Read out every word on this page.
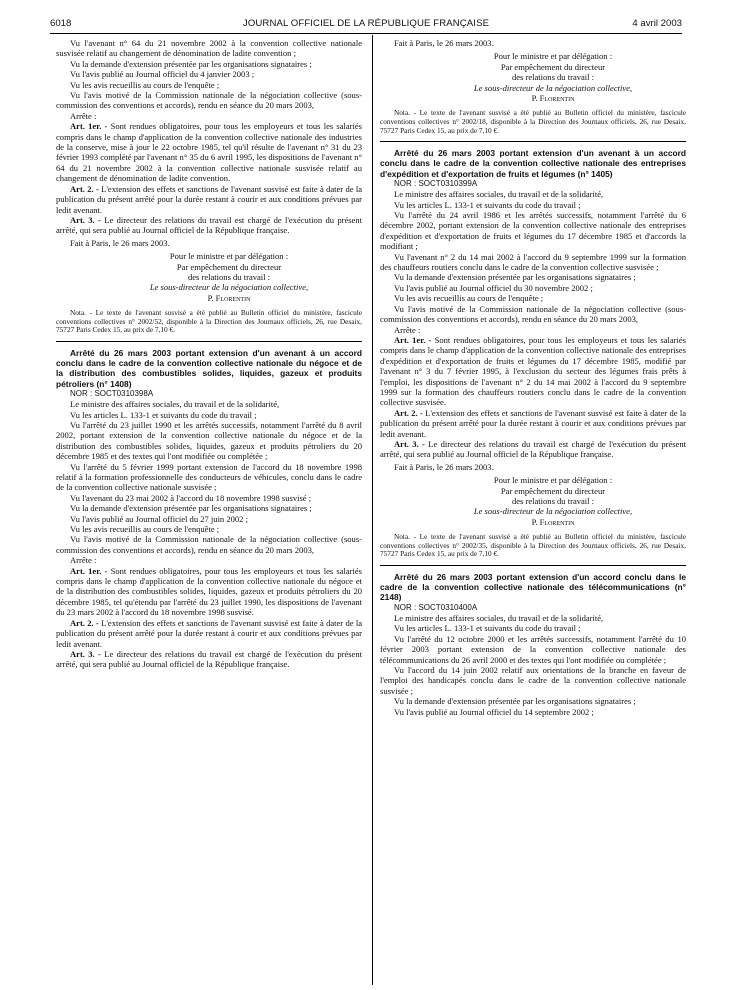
6018	JOURNAL OFFICIEL DE LA RÉPUBLIQUE FRANÇAISE	4 avril 2003

Vu l'avenant n° 64 du 21 novembre 2002 à la convention collective nationale susvisée relatif au changement de dénomination de ladite convention ;

Vu la demande d'extension présentée par les organisations signataires ;

Vu l'avis publié au Journal officiel du 4 janvier 2003 ;

Vu les avis recueillis au cours de l'enquête ;

Vu l'avis motivé de la Commission nationale de la négociation collective (sous-commission des conventions et accords), rendu en séance du 20 mars 2003,

Arrête :

Art. 1er. - Sont rendues obligatoires, pour tous les employeurs et tous les salariés compris dans le champ d'application de la convention collective nationale des industries de la conserve, mise à jour le 22 octobre 1985, tel qu'il résulte de l'avenant n° 31 du 23 février 1993 complété par l'avenant n° 35 du 6 avril 1995, les dispositions de l'avenant n° 64 du 21 novembre 2002 à la convention collective nationale susvisée relatif au changement de dénomination de ladite convention.

Art. 2. - L'extension des effets et sanctions de l'avenant susvisé est faite à dater de la publication du présent arrêté pour la durée restant à courir et aux conditions prévues par ledit avenant.

Art. 3. - Le directeur des relations du travail est chargé de l'exécution du présent arrêté, qui sera publié au Journal officiel de la République française.

Fait à Paris, le 26 mars 2003.

Pour le ministre et par délégation :

Par empêchement du directeur

des relations du travail :

Le sous-directeur de la négociation collective,

P. Florentin

Nota. - Le texte de l'avenant susvisé a été publié au Bulletin officiel du ministère, fascicule conventions collectives n° 2002/52, disponible à la Direction des Journaux officiels, 26, rue Desaix, 75727 Paris Cedex 15, au prix de 7,10 €.

Arrêté du 26 mars 2003 portant extension d'un avenant à un accord conclu dans le cadre de la convention collective nationale du négoce et de la distribution des combustibles solides, liquides, gazeux et produits pétroliers (n° 1408)

NOR : SOCT0310398A

Le ministre des affaires sociales, du travail et de la solidarité,

Vu les articles L. 133-1 et suivants du code du travail ;

Vu l'arrêté du 23 juillet 1990 et les arrêtés successifs, notamment l'arrêté du 8 avril 2002, portant extension de la convention collective nationale du négoce et de la distribution des combustibles solides, liquides, gazeux et produits pétroliers du 20 décembre 1985 et des textes qui l'ont modifiée ou complétée ;

Vu l'arrêté du 5 février 1999 portant extension de l'accord du 18 novembre 1998 relatif à la formation professionnelle des conducteurs de véhicules, conclu dans le cadre de la convention collective nationale susvisée ;

Vu l'avenant du 23 mai 2002 à l'accord du 18 novembre 1998 susvisé ;

Vu la demande d'extension présentée par les organisations signataires ;

Vu l'avis publié au Journal officiel du 27 juin 2002 ;

Vu les avis recueillis au cours de l'enquête ;

Vu l'avis motivé de la Commission nationale de la négociation collective (sous-commission des conventions et accords), rendu en séance du 20 mars 2003,

Arrête :

Art. 1er. - Sont rendues obligatoires, pour tous les employeurs et tous les salariés compris dans le champ d'application de la convention collective nationale du négoce et de la distribution des combustibles solides, liquides, gazeux et produits pétroliers du 20 décembre 1985, tel qu'étendu par l'arrêté du 23 juillet 1990, les dispositions de l'avenant du 23 mars 2002 à l'accord du 18 novembre 1998 susvisé.

Art. 2. - L'extension des effets et sanctions de l'avenant susvisé est faite à dater de la publication du présent arrêté pour la durée restant à courir et aux conditions prévues par ledit avenant.

Art. 3. - Le directeur des relations du travail est chargé de l'exécution du présent arrêté, qui sera publié au Journal officiel de la République française.

Fait à Paris, le 26 mars 2003.

Pour le ministre et par délégation :

Par empêchement du directeur

des relations du travail :

Le sous-directeur de la négociation collective,

P. Florentin

Nota. - Le texte de l'avenant susvisé a été publié au Bulletin officiel du ministère, fascicule conventions collectives n° 2002/18, disponible à la Direction des Journaux officiels, 26, rue Desaix, 75727 Paris Cedex 15, au prix de 7,10 €.

Arrêté du 26 mars 2003 portant extension d'un avenant à un accord conclu dans le cadre de la convention collective nationale des entreprises d'expédition et d'exportation de fruits et légumes (n° 1405)

NOR : SOCT0310399A

Le ministre des affaires sociales, du travail et de la solidarité,

Vu les articles L. 133-1 et suivants du code du travail ;

Vu l'arrêté du 24 avril 1986 et les arrêtés successifs, notamment l'arrêté du 6 décembre 2002, portant extension de la convention collective nationale des entreprises d'expédition et d'exportation de fruits et légumes du 17 décembre 1985 et d'accords la modifiant ;

Vu l'avenant n° 2 du 14 mai 2002 à l'accord du 9 septembre 1999 sur la formation des chauffeurs routiers conclu dans le cadre de la convention collective susvisée ;

Vu la demande d'extension présentée par les organisations signataires ;

Vu l'avis publié au Journal officiel du 30 novembre 2002 ;

Vu les avis recueillis au cours de l'enquête ;

Vu l'avis motivé de la Commission nationale de la négociation collective (sous-commission des conventions et accords), rendu en séance du 20 mars 2003,

Arrête :

Art. 1er. - Sont rendues obligatoires, pour tous les employeurs et tous les salariés compris dans le champ d'application de la convention collective nationale des entreprises d'expédition et d'exportation de fruits et légumes du 17 décembre 1985, modifié par l'avenant n° 3 du 7 février 1995, à l'exclusion du secteur des légumes frais prêts à l'emploi, les dispositions de l'avenant n° 2 du 14 mai 2002 à l'accord du 9 septembre 1999 sur la formation des chauffeurs routiers conclu dans le cadre de la convention collective susvisée.

Art. 2. - L'extension des effets et sanctions de l'avenant susvisé est faite à dater de la publication du présent arrêté pour la durée restant à courir et aux conditions prévues par ledit avenant.

Art. 3. - Le directeur des relations du travail est chargé de l'exécution du présent arrêté, qui sera publié au Journal officiel de la République française.

Fait à Paris, le 26 mars 2003.

Pour le ministre et par délégation :

Par empêchement du directeur

des relations du travail :

Le sous-directeur de la négociation collective,

P. Florentin

Nota. - Le texte de l'avenant susvisé a été publié au Bulletin officiel du ministère, fascicule conventions collectives n° 2002/35, disponible à la Direction des Journaux officiels, 26, rue Desaix, 75727 Paris Cedex 15, au prix de 7,10 €.

Arrêté du 26 mars 2003 portant extension d'un accord conclu dans le cadre de la convention collective nationale des télécommunications (n° 2148)

NOR : SOCT0310400A

Le ministre des affaires sociales, du travail et de la solidarité,

Vu les articles L. 133-1 et suivants du code du travail ;

Vu l'arrêté du 12 octobre 2000 et les arrêtés successifs, notamment l'arrêté du 10 février 2003 portant extension de la convention collective nationale des télécommunications du 26 avril 2000 et des textes qui l'ont modifiée ou complétée ;

Vu l'accord du 14 juin 2002 relatif aux orientations de la branche en faveur de l'emploi des handicapés conclu dans le cadre de la convention collective nationale susvisée ;

Vu la demande d'extension présentée par les organisations signataires ;

Vu l'avis publié au Journal officiel du 14 septembre 2002 ;
